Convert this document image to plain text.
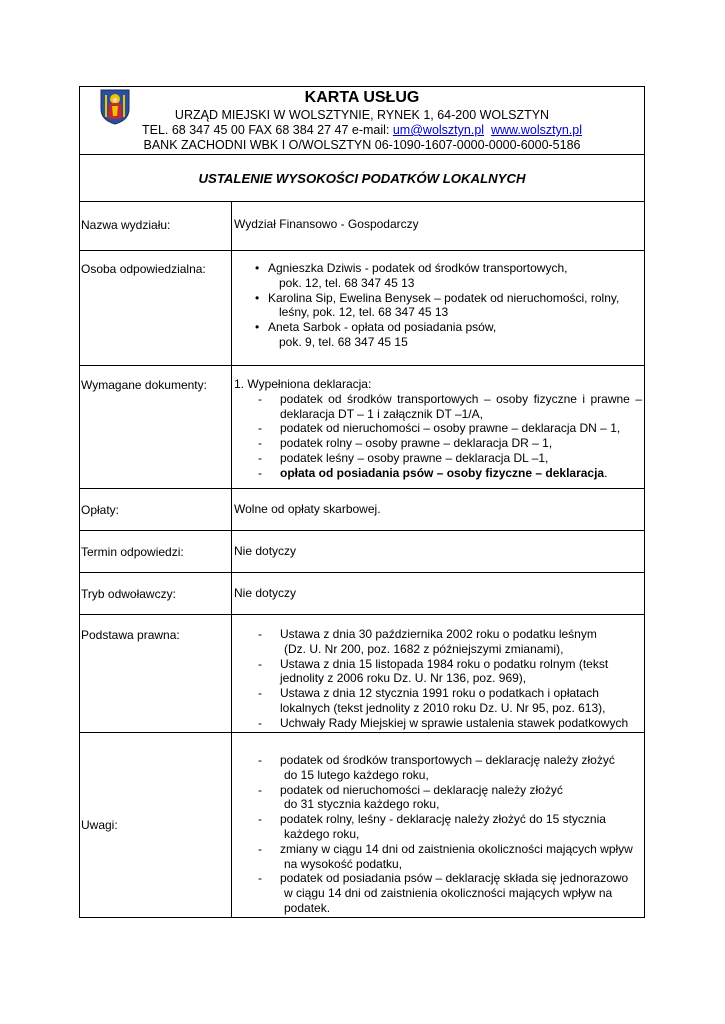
KARTA USŁUG
URZĄD MIEJSKI W WOLSZTYNIE, RYNEK 1, 64-200 WOLSZTYN
TEL. 68 347 45 00 FAX 68 384 27 47 e-mail: um@wolsztyn.pl www.wolsztyn.pl
BANK ZACHODNI WBK I O/WOLSZTYN 06-1090-1607-0000-0000-6000-5186
USTALENIE WYSOKOŚCI PODATKÓW LOKALNYCH
Nazwa wydziału:	Wydział Finansowo - Gospodarczy
Osoba odpowiedzialna:	• Agnieszka Dziwis - podatek od środków transportowych,
pok. 12, tel. 68 347 45 13
• Karolina Sip, Ewelina Benysek – podatek od nieruchomości, rolny,
leśny, pok. 12, tel. 68 347 45 13
• Aneta Sarbok - opłata od posiadania psów,
pok. 9, tel. 68 347 45 15
Wymagane dokumenty: 1. Wypełniona deklaracja:

- podatek od środków transportowych – osoby fizyczne i prawne –
deklaracja DT – 1 i załącznik DT –1/A,
- podatek od nieruchomości – osoby prawne – deklaracja DN – 1,
- podatek rolny – osoby prawne – deklaracja DR – 1,
- podatek leśny – osoby prawne – deklaracja DL –1,
- opłata od posiadania psów – osoby fizyczne – deklaracja.
Opłaty:	Wolne od opłaty skarbowej.
Termin odpowiedzi:	Nie dotyczy
Tryb odwoławczy:	Nie dotyczy
Podstawa prawna:	- Ustawa z dnia 30 października 2002 roku o podatku leśnym
(Dz. U. Nr 200, poz. 1682 z późniejszymi zmianami),
- Ustawa z dnia 15 listopada 1984 roku o podatku rolnym (tekst
jednolity z 2006 roku Dz. U. Nr 136, poz. 969),
- Ustawa z dnia 12 stycznia 1991 roku o podatkach i opłatach
lokalnych (tekst jednolity z 2010 roku Dz. U. Nr 95, poz. 613),
- Uchwały Rady Miejskiej w sprawie ustalenia stawek podatkowych
Uwagi:
- podatek od środków transportowych – deklarację należy złożyć
do 15 lutego każdego roku,
- podatek od nieruchomości – deklarację należy złożyć
do 31 stycznia każdego roku,
- podatek rolny, leśny - deklarację należy złożyć do 15 stycznia
każdego roku,
- zmiany w ciągu 14 dni od zaistnienia okoliczności mających wpływ
na wysokość podatku,
- podatek od posiadania psów – deklarację składa się jednorazowo
w ciągu 14 dni od zaistnienia okoliczności mających wpływ na
podatek.
